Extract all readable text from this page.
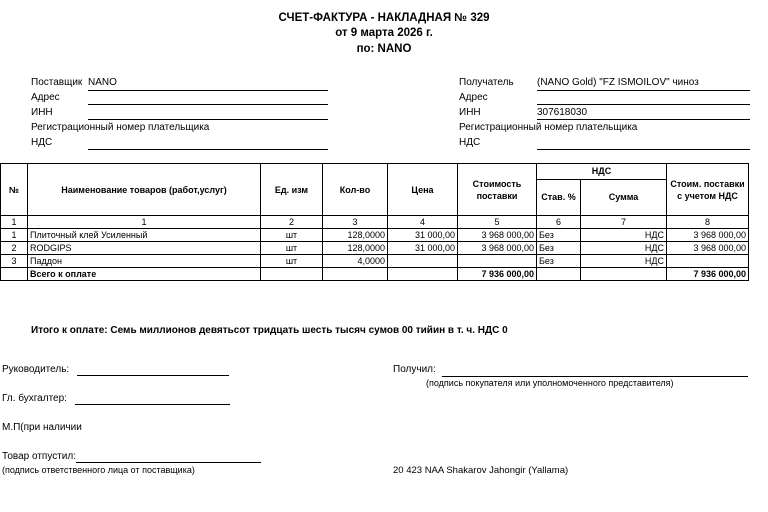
СЧЕТ-ФАКТУРА - НАКЛАДНАЯ № 329
от 9 марта 2026 г.
по: NANO
Поставщик NANO
Адрес
ИНН
Регистрационный номер плательщика
НДС
Получатель (NANO Gold) "FZ ISMOILOV" чиноз
Адрес
ИНН	307618030
Регистрационный номер плательщика
НДС
№	Наименование товаров (работ,услуг)	Ед. изм	Кол-во	Цена	Стоимость поставки	НДС		Стоим. поставки с учетом НДС
						Став. %	Сумма	
1	1	2	3	4	5	6	7	8
1	Плиточный клей Усиленный	шт	128,0000	31 000,00	3 968 000,00	Без	НДС	3 968 000,00
2	RODGIPS	шт	128,0000	31 000,00	3 968 000,00	Без	НДС	3 968 000,00
3	Паддон	шт	4,0000			Без	НДС	
	Всего к оплате				7 936 000,00			7 936 000,00
Итого к оплате: Семь миллионов девятьсот тридцать шесть тысяч сумов 00 тийин в т. ч. НДС 0
Руководитель:
Гл. бухгалтер:
М.П(при наличии
Товар отпустил:
(подпись ответственного лица от поставщика)
Получил:
(подпись покупателя или уполномоченного представителя)
20 423 NAA Shakarov Jahongir (Yallama)
